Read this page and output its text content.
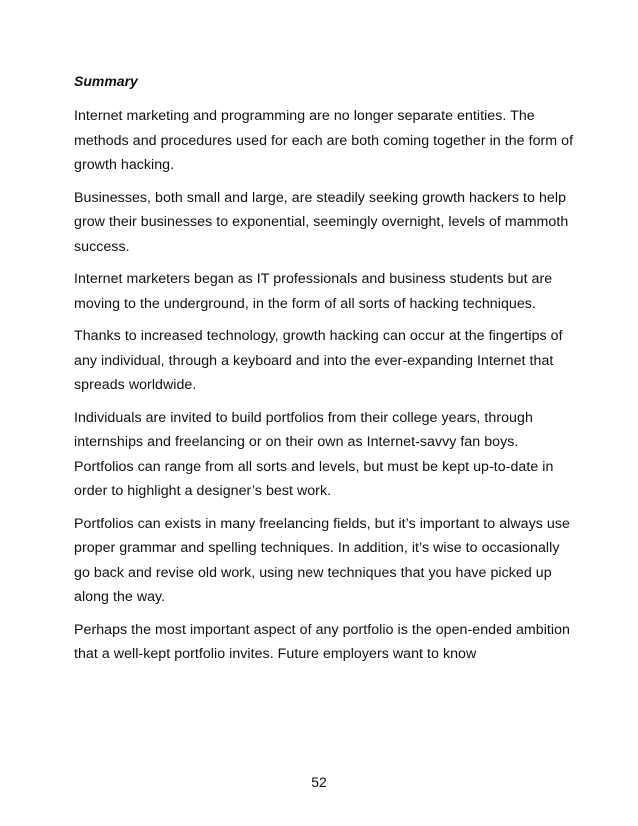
Summary

Internet marketing and programming are no longer separate entities. The methods and procedures used for each are both coming together in the form of growth hacking.

Businesses, both small and large, are steadily seeking growth hackers to help grow their businesses to exponential, seemingly overnight, levels of mammoth success.

Internet marketers began as IT professionals and business students but are moving to the underground, in the form of all sorts of hacking techniques.

Thanks to increased technology, growth hacking can occur at the fingertips of any individual, through a keyboard and into the ever-expanding Internet that spreads worldwide.

Individuals are invited to build portfolios from their college years, through internships and freelancing or on their own as Internet-savvy fan boys. Portfolios can range from all sorts and levels, but must be kept up-to-date in order to highlight a designer’s best work.

Portfolios can exists in many freelancing fields, but it’s important to always use proper grammar and spelling techniques. In addition, it’s wise to occasionally go back and revise old work, using new techniques that you have picked up along the way.

Perhaps the most important aspect of any portfolio is the open-ended ambition that a well-kept portfolio invites. Future employers want to know

52
